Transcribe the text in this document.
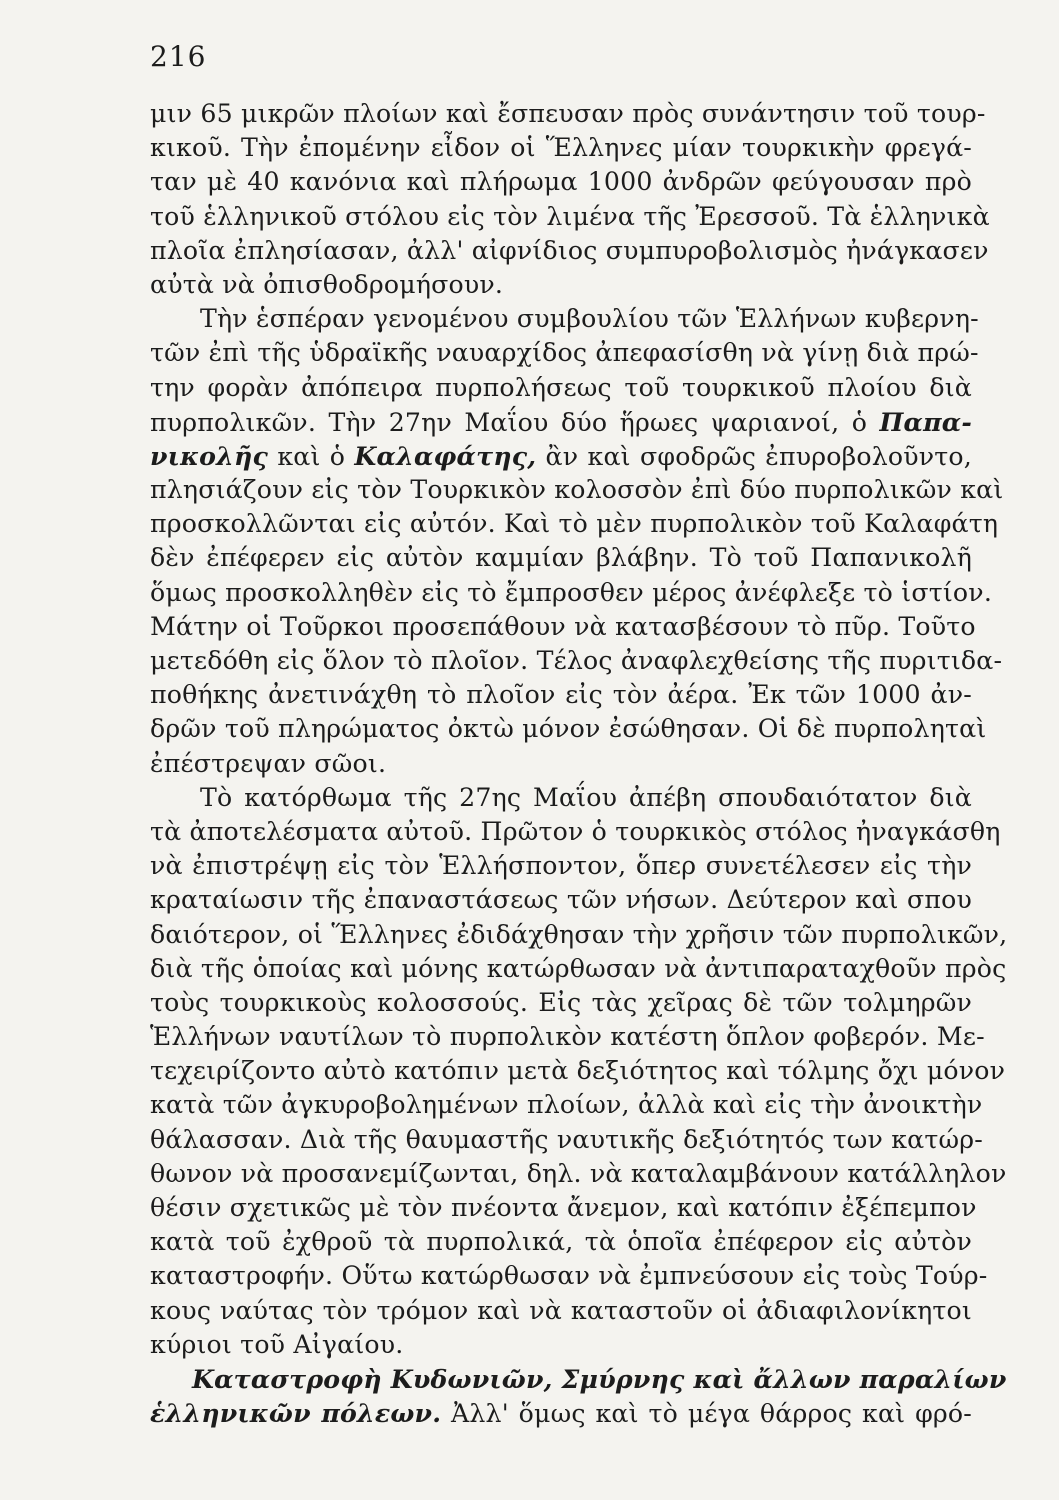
216
μιν 65 μικρῶν πλοίων καὶ ἔσπευσαν πρὸς συνάντησιν τοῦ τουρ-
κικοῦ. Τὴν ἐπομένην εἶδον οἱ Ἕλληνες μίαν τουρκικὴν φρεγά-
ταν μὲ 40 κανόνια καὶ πλήρωμα 1000 ἀνδρῶν φεύγουσαν πρὸ
τοῦ ἑλληνικοῦ στόλου εἰς τὸν λιμένα τῆς Ἐρεσσοῦ. Τὰ ἑλληνικὰ
πλοῖα ἐπλησίασαν, ἀλλ' αἰφνίδιος συμπυροβολισμὸς ἠνάγκασεν
αὐτὰ νὰ ὀπισθοδρομήσουν.
Τὴν ἑσπέραν γενομένου συμβουλίου τῶν Ἑλλήνων κυβερνη-
τῶν ἐπὶ τῆς ὑδραϊκῆς ναυαρχίδος ἀπεφασίσθη νὰ γίνῃ διὰ πρώ-
την φορὰν ἀπόπειρα πυρπολήσεως τοῦ τουρκικοῦ πλοίου διὰ
πυρπολικῶν. Τὴν 27ην Μαΐου δύο ἥρωες ψαριανοί, ὁ Παπα-
νικολῆς καὶ ὁ Καλαφάτης, ἂν καὶ σφοδρῶς ἐπυροβολοῦντο,
πλησιάζουν εἰς τὸν Τουρκικὸν κολοσσὸν ἐπὶ δύο πυρπολικῶν καὶ
προσκολλῶνται εἰς αὐτόν. Καὶ τὸ μὲν πυρπολικὸν τοῦ Καλαφάτη
δὲν ἐπέφερεν εἰς αὐτὸν καμμίαν βλάβην. Τὸ τοῦ Παπανικολῆ
ὅμως προσκολληθὲν εἰς τὸ ἔμπροσθεν μέρος ἀνέφλεξε τὸ ἱστίον.
Μάτην οἱ Τοῦρκοι προσεπάθουν νὰ κατασβέσουν τὸ πῦρ. Τοῦτο
μετεδόθη εἰς ὅλον τὸ πλοῖον. Τέλος ἀναφλεχθείσης τῆς πυριτιδα-
ποθήκης ἀνετινάχθη τὸ πλοῖον εἰς τὸν ἀέρα. Ἐκ τῶν 1000 ἀν-
δρῶν τοῦ πληρώματος ὀκτὼ μόνον ἐσώθησαν. Οἱ δὲ πυρποληταὶ
ἐπέστρεψαν σῶοι.
Τὸ κατόρθωμα τῆς 27ης Μαΐου ἀπέβη σπουδαιότατον διὰ
τὰ ἀποτελέσματα αὐτοῦ. Πρῶτον ὁ τουρκικὸς στόλος ἠναγκάσθη
νὰ ἐπιστρέψῃ εἰς τὸν Ἑλλήσποντον, ὅπερ συνετέλεσεν εἰς τὴν
κραταίωσιν τῆς ἐπαναστάσεως τῶν νήσων. Δεύτερον καὶ σπου
δαιότερον, οἱ Ἕλληνες ἐδιδάχθησαν τὴν χρῆσιν τῶν πυρπολικῶν,
διὰ τῆς ὁποίας καὶ μόνης κατώρθωσαν νὰ ἀντιπαραταχθοῦν πρὸς
τοὺς τουρκικοὺς κολοσσούς. Εἰς τὰς χεῖρας δὲ τῶν τολμηρῶν
Ἑλλήνων ναυτίλων τὸ πυρπολικὸν κατέστη ὅπλον φοβερόν. Με-
τεχειρίζοντο αὐτὸ κατόπιν μετὰ δεξιότητος καὶ τόλμης ὄχι μόνον
κατὰ τῶν ἀγκυροβολημένων πλοίων, ἀλλὰ καὶ εἰς τὴν ἀνοικτὴν
θάλασσαν. Διὰ τῆς θαυμαστῆς ναυτικῆς δεξιότητός των κατώρ-
θωνον νὰ προσανεμίζωνται, δηλ. νὰ καταλαμβάνουν κατάλληλον
θέσιν σχετικῶς μὲ τὸν πνέοντα ἄνεμον, καὶ κατόπιν ἐξέπεμπον
κατὰ τοῦ ἐχθροῦ τὰ πυρπολικά, τὰ ὁποῖα ἐπέφερον εἰς αὐτὸν
καταστροφήν. Οὕτω κατώρθωσαν νὰ ἐμπνεύσουν εἰς τοὺς Τούρ-
κους ναύτας τὸν τρόμον καὶ νὰ καταστοῦν οἱ ἀδιαφιλονίκητοι
κύριοι τοῦ Αἰγαίου.
Καταστροφὴ Κυδωνιῶν, Σμύρνης καὶ ἄλλων παραλίων
ἑλληνικῶν πόλεων. Ἀλλ' ὅμως καὶ τὸ μέγα θάρρος καὶ φρό-
